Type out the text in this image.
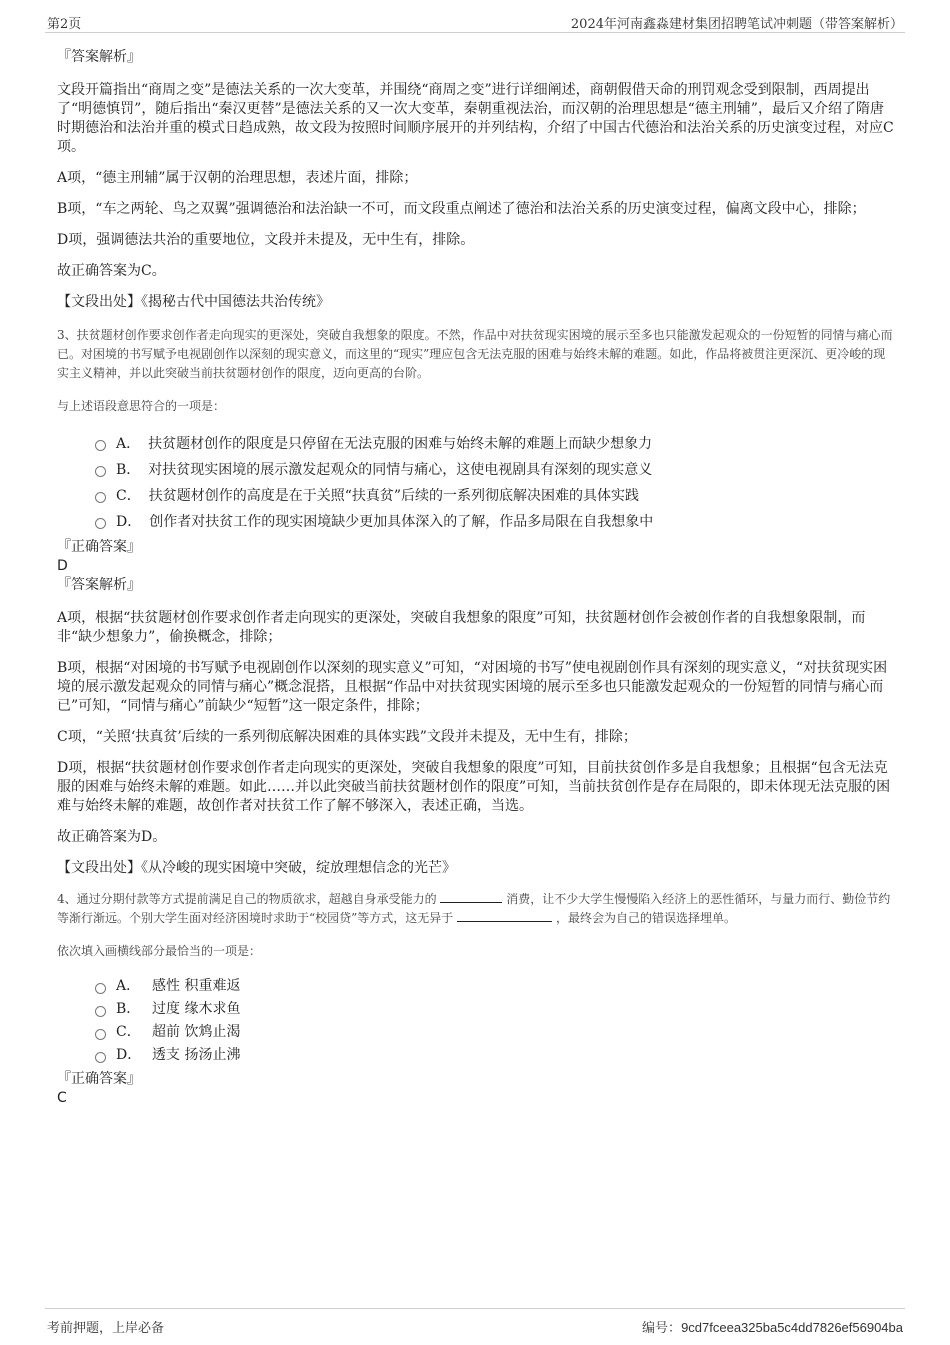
第2页	2024年河南鑫淼建材集团招聘笔试冲刺题（带答案解析）

『答案解析』

文段开篇指出“商周之变”是德法关系的一次大变革，并围绕“商周之变”进行详细阐述，商朝假借天命的刑罚观念受到限制，西周提出了“明德慎罚”，随后指出“秦汉更替”是德法关系的又一次大变革，秦朝重视法治，而汉朝的治理思想是“德主刑辅”，最后又介绍了隋唐时期德治和法治并重的模式日趋成熟，故文段为按照时间顺序展开的并列结构，介绍了中国古代德治和法治关系的历史演变过程，对应C项。

A项，“德主刑辅”属于汉朝的治理思想，表述片面，排除；

B项，“车之两轮、鸟之双翼”强调德治和法治缺一不可，而文段重点阐述了德治和法治关系的历史演变过程，偏离文段中心，排除；

D项，强调德法共治的重要地位，文段并未提及，无中生有，排除。

故正确答案为C。

【文段出处】《揭秘古代中国德法共治传统》

3、扶贫题材创作要求创作者走向现实的更深处，突破自我想象的限度。不然，作品中对扶贫现实困境的展示至多也只能激发起观众的一份短暂的同情与痛心而已。对困境的书写赋予电视剧创作以深刻的现实意义，而这里的“现实”理应包含无法克服的困难与始终未解的难题。如此，作品将被贯注更深沉、更冷峻的现实主义精神，并以此突破当前扶贫题材创作的限度，迈向更高的台阶。

与上述语段意思符合的一项是：

A． 扶贫题材创作的限度是只停留在无法克服的困难与始终未解的难题上而缺少想象力
B． 对扶贫现实困境的展示激发起观众的同情与痛心，这使电视剧具有深刻的现实意义
C． 扶贫题材创作的高度是在于关照“扶真贫”后续的一系列彻底解决困难的具体实践
D． 创作者对扶贫工作的现实困境缺少更加具体深入的了解，作品多局限在自我想象中

『正确答案』

D

『答案解析』

A项，根据“扶贫题材创作要求创作者走向现实的更深处，突破自我想象的限度”可知，扶贫题材创作会被创作者的自我想象限制，而非“缺少想象力”，偷换概念，排除；

B项，根据“对困境的书写赋予电视剧创作以深刻的现实意义”可知，“对困境的书写”使电视剧创作具有深刻的现实意义，“对扶贫现实困境的展示激发起观众的同情与痛心”概念混搭，且根据“作品中对扶贫现实困境的展示至多也只能激发起观众的一份短暂的同情与痛心而已”可知，“同情与痛心”前缺少“短暂”这一限定条件，排除；

C项，“关照‘扶真贫’后续的一系列彻底解决困难的具体实践”文段并未提及，无中生有，排除；

D项，根据“扶贫题材创作要求创作者走向现实的更深处，突破自我想象的限度”可知，目前扶贫创作多是自我想象；且根据“包含无法克服的困难与始终未解的难题。如此……并以此突破当前扶贫题材创作的限度”可知，当前扶贫创作是存在局限的，即未体现无法克服的困难与始终未解的难题，故创作者对扶贫工作了解不够深入，表述正确，当选。

故正确答案为D。

【文段出处】《从冷峻的现实困境中突破，绽放理想信念的光芒》

4、通过分期付款等方式提前满足自己的物质欲求，超越自身承受能力的	消费，让不少大学生慢慢陷入经济上的恶性循环，与量力而行、勤俭节约等渐行渐远。个别大学生面对经济困境时求助于“校园贷”等方式，这无异于	，最终会为自己的错误选择埋单。

依次填入画横线部分最恰当的一项是：

A． 感性 积重难返
B． 过度 缘木求鱼
C． 超前 饮鸩止渴
D． 透支 扬汤止沸

『正确答案』

C

考前押题，上岸必备	编号：9cd7fceea325ba5c4dd7826ef56904ba
